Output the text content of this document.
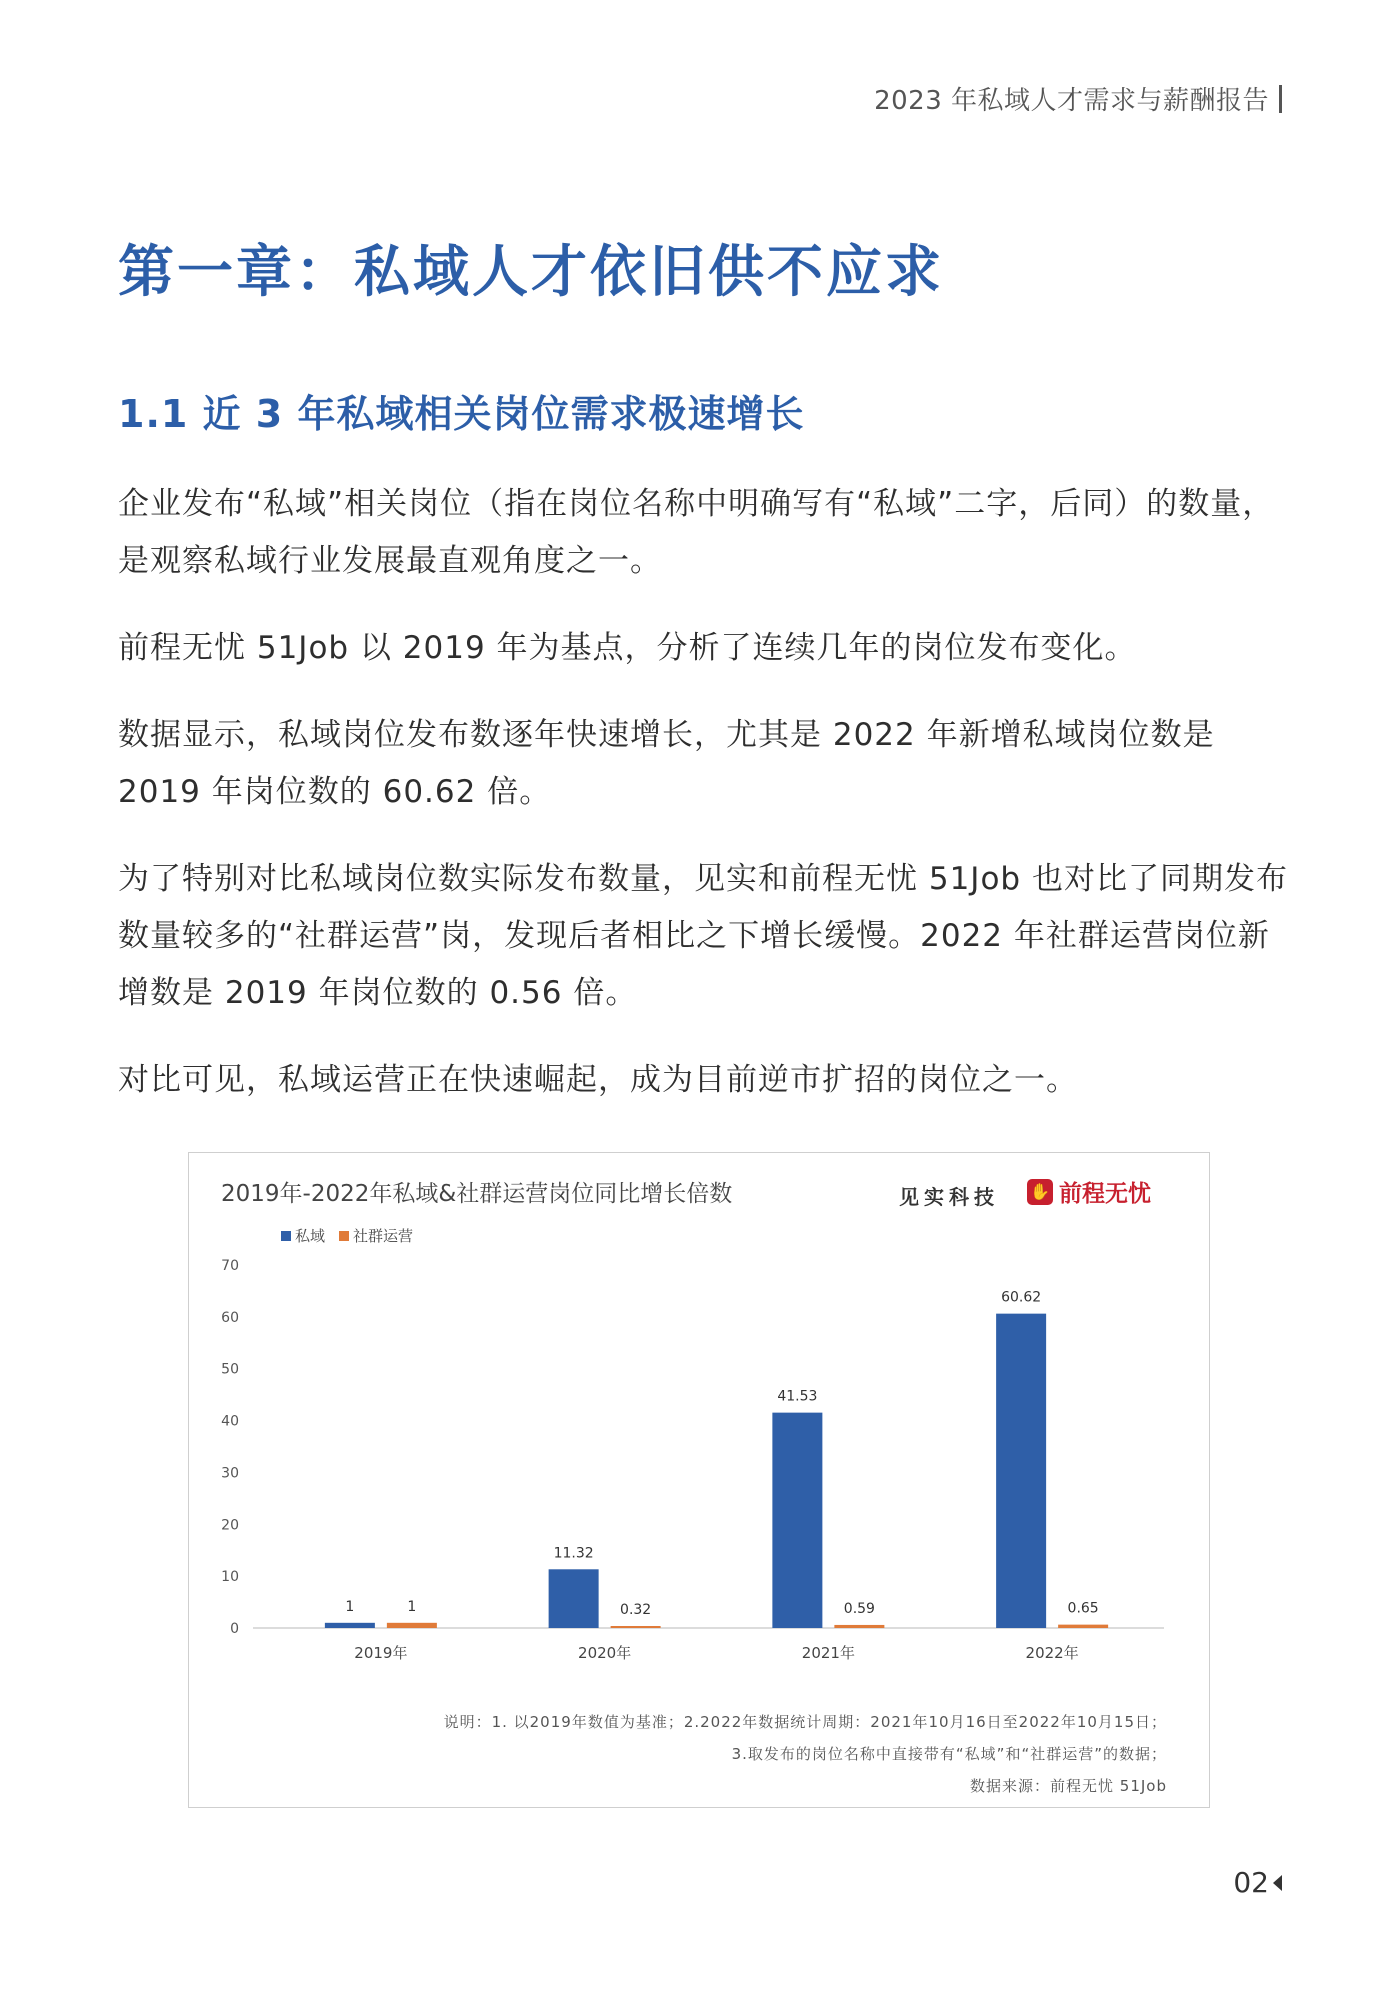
2023 年私域人才需求与薪酬报告
第一章：私域人才依旧供不应求
1.1 近 3 年私域相关岗位需求极速增长

企业发布“私域”相关岗位（指在岗位名称中明确写有“私域”二字，后同）的数量，是观察私域行业发展最直观角度之一。

前程无忧 51Job 以 2019 年为基点，分析了连续几年的岗位发布变化。

数据显示，私域岗位发布数逐年快速增长，尤其是 2022 年新增私域岗位数是 2019 年岗位数的 60.62 倍。

为了特别对比私域岗位数实际发布数量，见实和前程无忧 51Job 也对比了同期发布数量较多的“社群运营”岗，发现后者相比之下增长缓慢。2022 年社群运营岗位新增数是 2019 年岗位数的 0.56 倍。

对比可见，私域运营正在快速崛起，成为目前逆市扩招的岗位之一。

2019年-2022年私域&社群运营岗位同比增长倍数	见实科技 ✋ 前程无忧
私域 社群运营
0
10
20
30
40
50
60
70
1	1
2019年
11.32
0.32
2020年
41.53
0.59
2021年
60.62
0.65
2022年
说明：1. 以2019年数值为基准；2.2022年数据统计周期：2021年10月16日至2022年10月15日；
3.取发布的岗位名称中直接带有“私域”和“社群运营”的数据；
数据来源：前程无忧 51Job
02
